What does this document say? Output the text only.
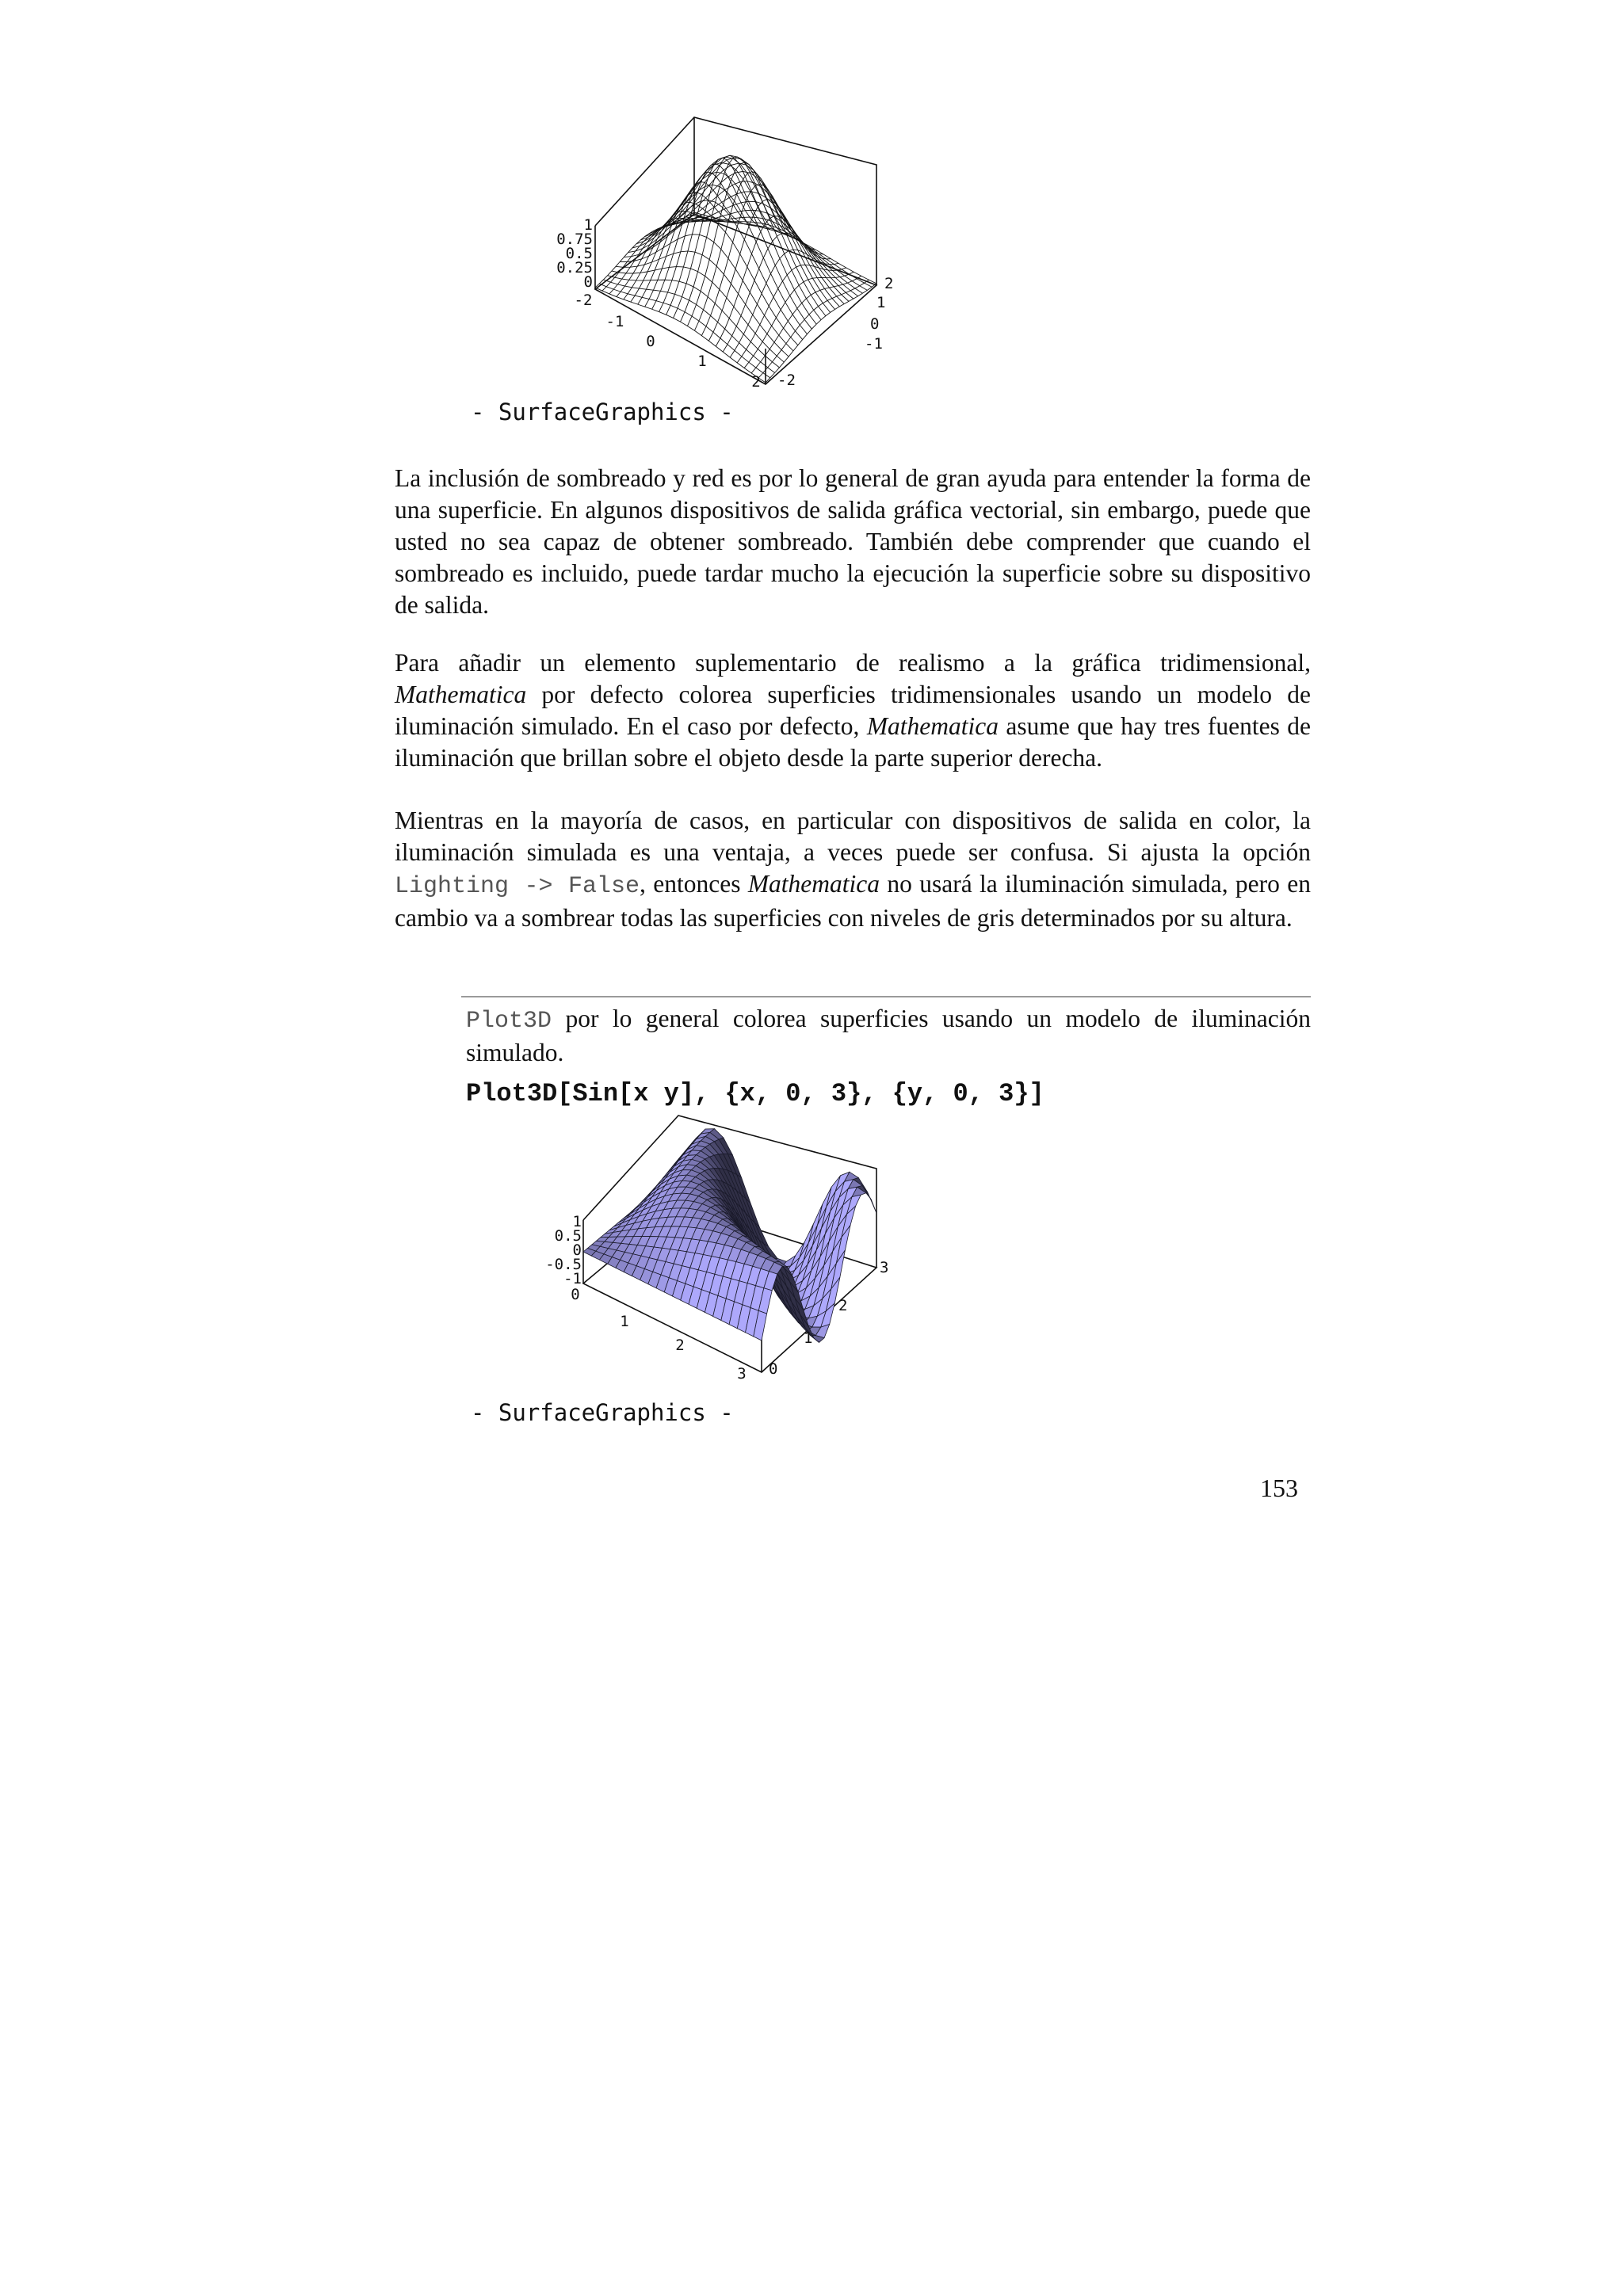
1
0.75
0.5
0.25
0
-2
-1
0
1
2
2
1
0
-1
-2
- SurfaceGraphics -

La inclusión de sombreado y red es por lo general de gran ayuda para entender la forma de una superficie. En algunos dispositivos de salida gráfica vectorial, sin embargo, puede que usted no sea capaz de obtener sombreado. También debe comprender que cuando el sombreado es incluido, puede tardar mucho la ejecución la superficie sobre su dispositivo de salida.

Para añadir un elemento suplementario de realismo a la gráfica tridimensional, Mathematica por defecto colorea superficies tridimensionales usando un modelo de iluminación simulado. En el caso por defecto, Mathematica asume que hay tres fuentes de iluminación que brillan sobre el objeto desde la parte superior derecha.

Mientras en la mayoría de casos, en particular con dispositivos de salida en color, la iluminación simulada es una ventaja, a veces puede ser confusa. Si ajusta la opción Lighting -> False, entonces Mathematica no usará la iluminación simulada, pero en cambio va a sombrear todas las superficies con niveles de gris determinados por su altura.

Plot3D por lo general colorea superficies usando un modelo de iluminación simulado.

Plot3D[Sin[x y], {x, 0, 3}, {y, 0, 3}]
1
0.5
0
-0.5
-1
0
1
2
3
3
2
1
0
- SurfaceGraphics -
153
